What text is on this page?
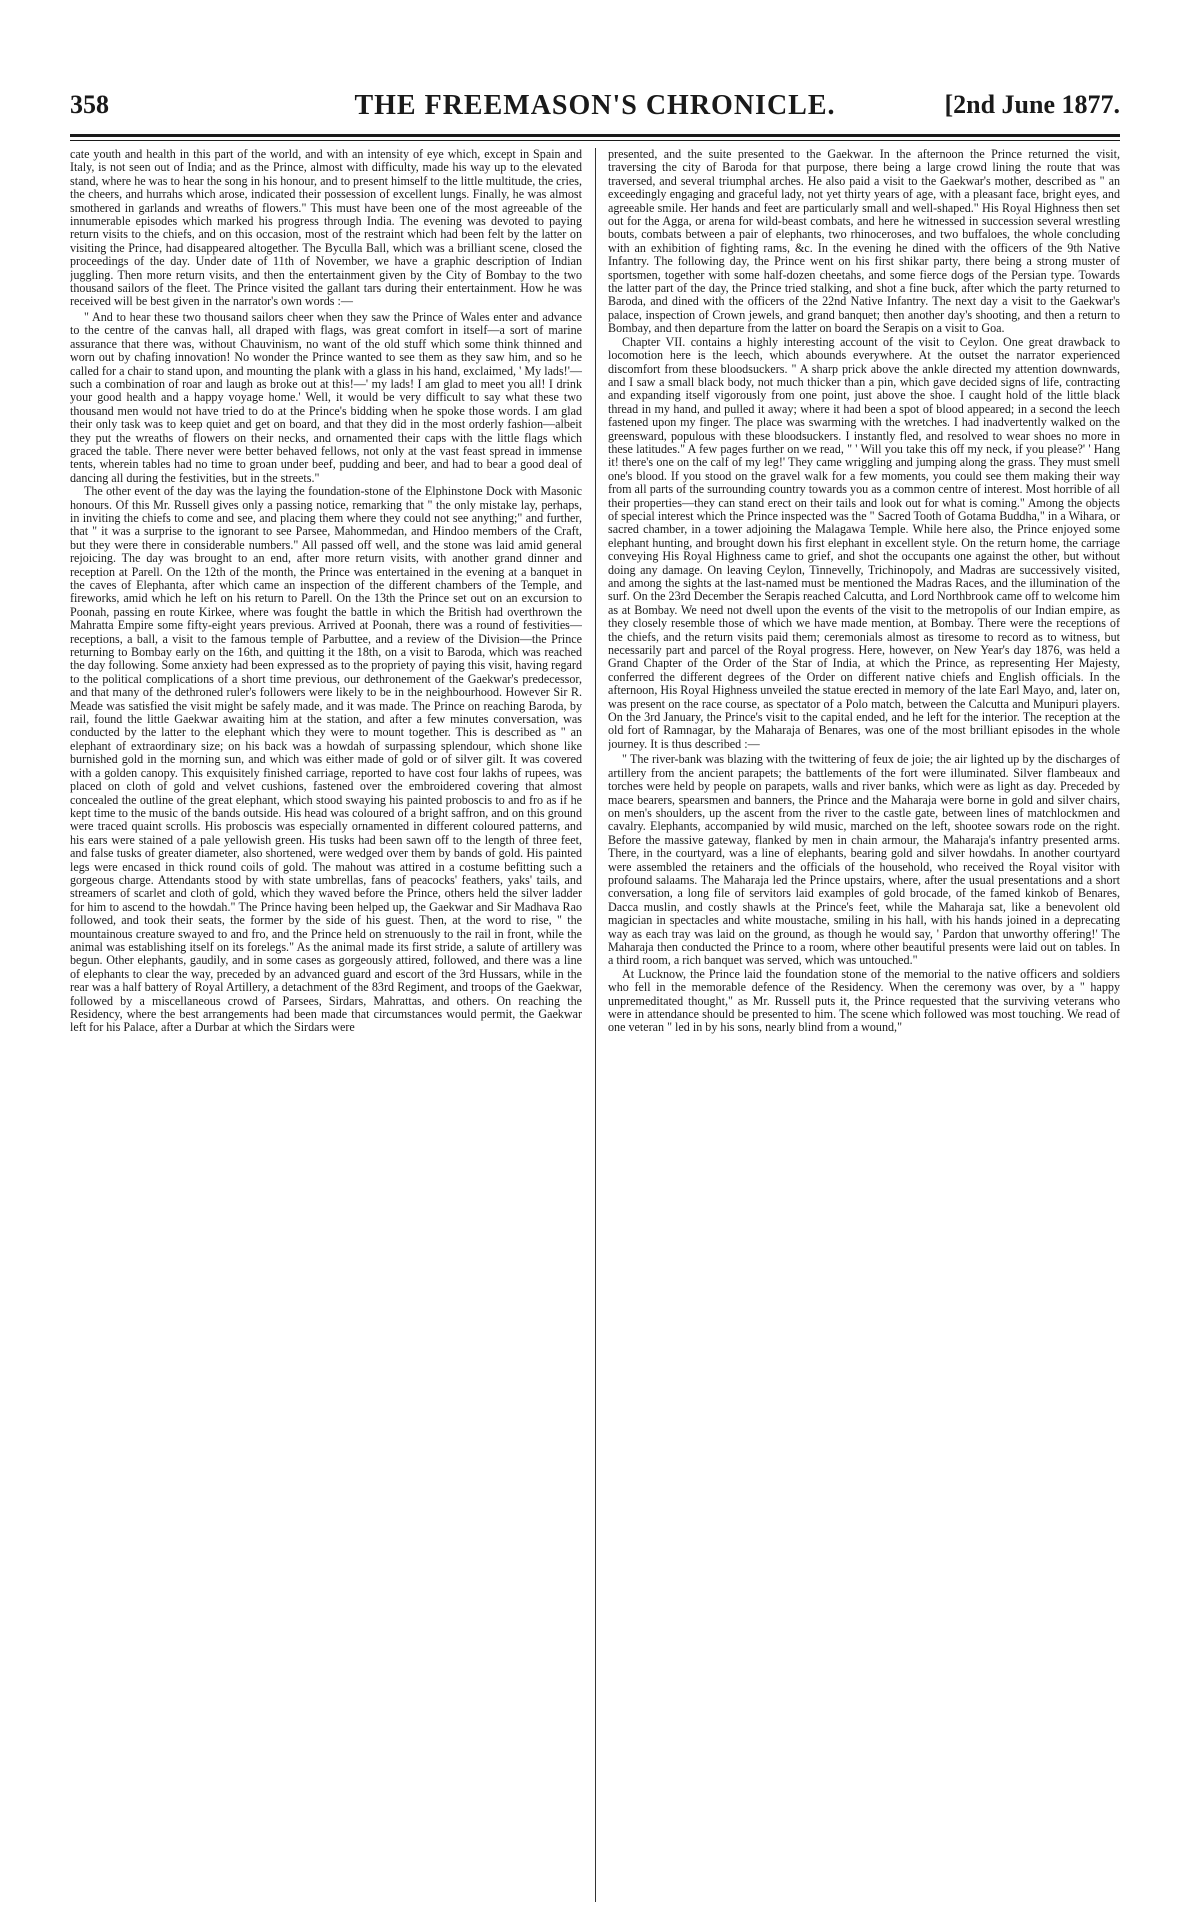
358	THE FREEMASON'S CHRONICLE.	[2nd June 1877.

cate youth and health in this part of the world, and with an intensity of eye which, except in Spain and Italy, is not seen out of India; and as the Prince, almost with difficulty, made his way up to the elevated stand, where he was to hear the song in his honour, and to present himself to the little multitude, the cries, the cheers, and hurrahs which arose, indicated their possession of excellent lungs. Finally, he was almost smothered in garlands and wreaths of flowers." This must have been one of the most agreeable of the innumerable episodes which marked his progress through India. The evening was devoted to paying return visits to the chiefs, and on this occasion, most of the restraint which had been felt by the latter on visiting the Prince, had disappeared altogether. The Byculla Ball, which was a brilliant scene, closed the proceedings of the day. Under date of 11th of November, we have a graphic description of Indian juggling. Then more return visits, and then the entertainment given by the City of Bombay to the two thousand sailors of the fleet. The Prince visited the gallant tars during their entertainment. How he was received will be best given in the narrator's own words :—

" And to hear these two thousand sailors cheer when they saw the Prince of Wales enter and advance to the centre of the canvas hall, all draped with flags, was great comfort in itself—a sort of marine assurance that there was, without Chauvinism, no want of the old stuff which some think thinned and worn out by chafing innovation! No wonder the Prince wanted to see them as they saw him, and so he called for a chair to stand upon, and mounting the plank with a glass in his hand, exclaimed, ' My lads!'—such a combination of roar and laugh as broke out at this!—' my lads! I am glad to meet you all! I drink your good health and a happy voyage home.' Well, it would be very difficult to say what these two thousand men would not have tried to do at the Prince's bidding when he spoke those words. I am glad their only task was to keep quiet and get on board, and that they did in the most orderly fashion—albeit they put the wreaths of flowers on their necks, and ornamented their caps with the little flags which graced the table. There never were better behaved fellows, not only at the vast feast spread in immense tents, wherein tables had no time to groan under beef, pudding and beer, and had to bear a good deal of dancing all during the festivities, but in the streets."

The other event of the day was the laying the foundation-stone of the Elphinstone Dock with Masonic honours. Of this Mr. Russell gives only a passing notice, remarking that " the only mistake lay, perhaps, in inviting the chiefs to come and see, and placing them where they could not see anything;" and further, that " it was a surprise to the ignorant to see Parsee, Mahommedan, and Hindoo members of the Craft, but they were there in considerable numbers." All passed off well, and the stone was laid amid general rejoicing. The day was brought to an end, after more return visits, with another grand dinner and reception at Parell. On the 12th of the month, the Prince was entertained in the evening at a banquet in the caves of Elephanta, after which came an inspection of the different chambers of the Temple, and fireworks, amid which he left on his return to Parell. On the 13th the Prince set out on an excursion to Poonah, passing en route Kirkee, where was fought the battle in which the British had overthrown the Mahratta Empire some fifty-eight years previous. Arrived at Poonah, there was a round of festivities—receptions, a ball, a visit to the famous temple of Parbuttee, and a review of the Division—the Prince returning to Bombay early on the 16th, and quitting it the 18th, on a visit to Baroda, which was reached the day following. Some anxiety had been expressed as to the propriety of paying this visit, having regard to the political complications of a short time previous, our dethronement of the Gaekwar's predecessor, and that many of the dethroned ruler's followers were likely to be in the neighbourhood. However Sir R. Meade was satisfied the visit might be safely made, and it was made. The Prince on reaching Baroda, by rail, found the little Gaekwar awaiting him at the station, and after a few minutes conversation, was conducted by the latter to the elephant which they were to mount together. This is described as " an elephant of extraordinary size; on his back was a howdah of surpassing splendour, which shone like burnished gold in the morning sun, and which was either made of gold or of silver gilt. It was covered with a golden canopy. This exquisitely finished carriage, reported to have cost four lakhs of rupees, was placed on cloth of gold and velvet cushions, fastened over the embroidered covering that almost concealed the outline of the great elephant, which stood swaying his painted proboscis to and fro as if he kept time to the music of the bands outside. His head was coloured of a bright saffron, and on this ground were traced quaint scrolls. His proboscis was especially ornamented in different coloured patterns, and his ears were stained of a pale yellowish green. His tusks had been sawn off to the length of three feet, and false tusks of greater diameter, also shortened, were wedged over them by bands of gold. His painted legs were encased in thick round coils of gold. The mahout was attired in a costume befitting such a gorgeous charge. Attendants stood by with state umbrellas, fans of peacocks' feathers, yaks' tails, and streamers of scarlet and cloth of gold, which they waved before the Prince, others held the silver ladder for him to ascend to the howdah." The Prince having been helped up, the Gaekwar and Sir Madhava Rao followed, and took their seats, the former by the side of his guest. Then, at the word to rise, " the mountainous creature swayed to and fro, and the Prince held on strenuously to the rail in front, while the animal was establishing itself on its forelegs." As the animal made its first stride, a salute of artillery was begun. Other elephants, gaudily, and in some cases as gorgeously attired, followed, and there was a line of elephants to clear the way, preceded by an advanced guard and escort of the 3rd Hussars, while in the rear was a half battery of Royal Artillery, a detachment of the 83rd Regiment, and troops of the Gaekwar, followed by a miscellaneous crowd of Parsees, Sirdars, Mahrattas, and others. On reaching the Residency, where the best arrangements had been made that circumstances would permit, the Gaekwar left for his Palace, after a Durbar at which the Sirdars were

presented, and the suite presented to the Gaekwar. In the afternoon the Prince returned the visit, traversing the city of Baroda for that purpose, there being a large crowd lining the route that was traversed, and several triumphal arches. He also paid a visit to the Gaekwar's mother, described as " an exceedingly engaging and graceful lady, not yet thirty years of age, with a pleasant face, bright eyes, and agreeable smile. Her hands and feet are particularly small and well-shaped." His Royal Highness then set out for the Agga, or arena for wild-beast combats, and here he witnessed in succession several wrestling bouts, combats between a pair of elephants, two rhinoceroses, and two buffaloes, the whole concluding with an exhibition of fighting rams, &c. In the evening he dined with the officers of the 9th Native Infantry. The following day, the Prince went on his first shikar party, there being a strong muster of sportsmen, together with some half-dozen cheetahs, and some fierce dogs of the Persian type. Towards the latter part of the day, the Prince tried stalking, and shot a fine buck, after which the party returned to Baroda, and dined with the officers of the 22nd Native Infantry. The next day a visit to the Gaekwar's palace, inspection of Crown jewels, and grand banquet; then another day's shooting, and then a return to Bombay, and then departure from the latter on board the Serapis on a visit to Goa.

Chapter VII. contains a highly interesting account of the visit to Ceylon. One great drawback to locomotion here is the leech, which abounds everywhere. At the outset the narrator experienced discomfort from these bloodsuckers. " A sharp prick above the ankle directed my attention downwards, and I saw a small black body, not much thicker than a pin, which gave decided signs of life, contracting and expanding itself vigorously from one point, just above the shoe. I caught hold of the little black thread in my hand, and pulled it away; where it had been a spot of blood appeared; in a second the leech fastened upon my finger. The place was swarming with the wretches. I had inadvertently walked on the greensward, populous with these bloodsuckers. I instantly fled, and resolved to wear shoes no more in these latitudes." A few pages further on we read, " ' Will you take this off my neck, if you please?' ' Hang it! there's one on the calf of my leg!' They came wriggling and jumping along the grass. They must smell one's blood. If you stood on the gravel walk for a few moments, you could see them making their way from all parts of the surrounding country towards you as a common centre of interest. Most horrible of all their properties—they can stand erect on their tails and look out for what is coming." Among the objects of special interest which the Prince inspected was the " Sacred Tooth of Gotama Buddha," in a Wihara, or sacred chamber, in a tower adjoining the Malagawa Temple. While here also, the Prince enjoyed some elephant hunting, and brought down his first elephant in excellent style. On the return home, the carriage conveying His Royal Highness came to grief, and shot the occupants one against the other, but without doing any damage. On leaving Ceylon, Tinnevelly, Trichinopoly, and Madras are successively visited, and among the sights at the last-named must be mentioned the Madras Races, and the illumination of the surf. On the 23rd December the Serapis reached Calcutta, and Lord Northbrook came off to welcome him as at Bombay. We need not dwell upon the events of the visit to the metropolis of our Indian empire, as they closely resemble those of which we have made mention, at Bombay. There were the receptions of the chiefs, and the return visits paid them; ceremonials almost as tiresome to record as to witness, but necessarily part and parcel of the Royal progress. Here, however, on New Year's day 1876, was held a Grand Chapter of the Order of the Star of India, at which the Prince, as representing Her Majesty, conferred the different degrees of the Order on different native chiefs and English officials. In the afternoon, His Royal Highness unveiled the statue erected in memory of the late Earl Mayo, and, later on, was present on the race course, as spectator of a Polo match, between the Calcutta and Munipuri players. On the 3rd January, the Prince's visit to the capital ended, and he left for the interior. The reception at the old fort of Ramnagar, by the Maharaja of Benares, was one of the most brilliant episodes in the whole journey. It is thus described :—

" The river-bank was blazing with the twittering of feux de joie; the air lighted up by the discharges of artillery from the ancient parapets; the battlements of the fort were illuminated. Silver flambeaux and torches were held by people on parapets, walls and river banks, which were as light as day. Preceded by mace bearers, spearsmen and banners, the Prince and the Maharaja were borne in gold and silver chairs, on men's shoulders, up the ascent from the river to the castle gate, between lines of matchlockmen and cavalry. Elephants, accompanied by wild music, marched on the left, shootee sowars rode on the right. Before the massive gateway, flanked by men in chain armour, the Maharaja's infantry presented arms. There, in the courtyard, was a line of elephants, bearing gold and silver howdahs. In another courtyard were assembled the retainers and the officials of the household, who received the Royal visitor with profound salaams. The Maharaja led the Prince upstairs, where, after the usual presentations and a short conversation, a long file of servitors laid examples of gold brocade, of the famed kinkob of Benares, Dacca muslin, and costly shawls at the Prince's feet, while the Maharaja sat, like a benevolent old magician in spectacles and white moustache, smiling in his hall, with his hands joined in a deprecating way as each tray was laid on the ground, as though he would say, ' Pardon that unworthy offering!' The Maharaja then conducted the Prince to a room, where other beautiful presents were laid out on tables. In a third room, a rich banquet was served, which was untouched."

At Lucknow, the Prince laid the foundation stone of the memorial to the native officers and soldiers who fell in the memorable defence of the Residency. When the ceremony was over, by a " happy unpremeditated thought," as Mr. Russell puts it, the Prince requested that the surviving veterans who were in attendance should be presented to him. The scene which followed was most touching. We read of one veteran " led in by his sons, nearly blind from a wound,"
